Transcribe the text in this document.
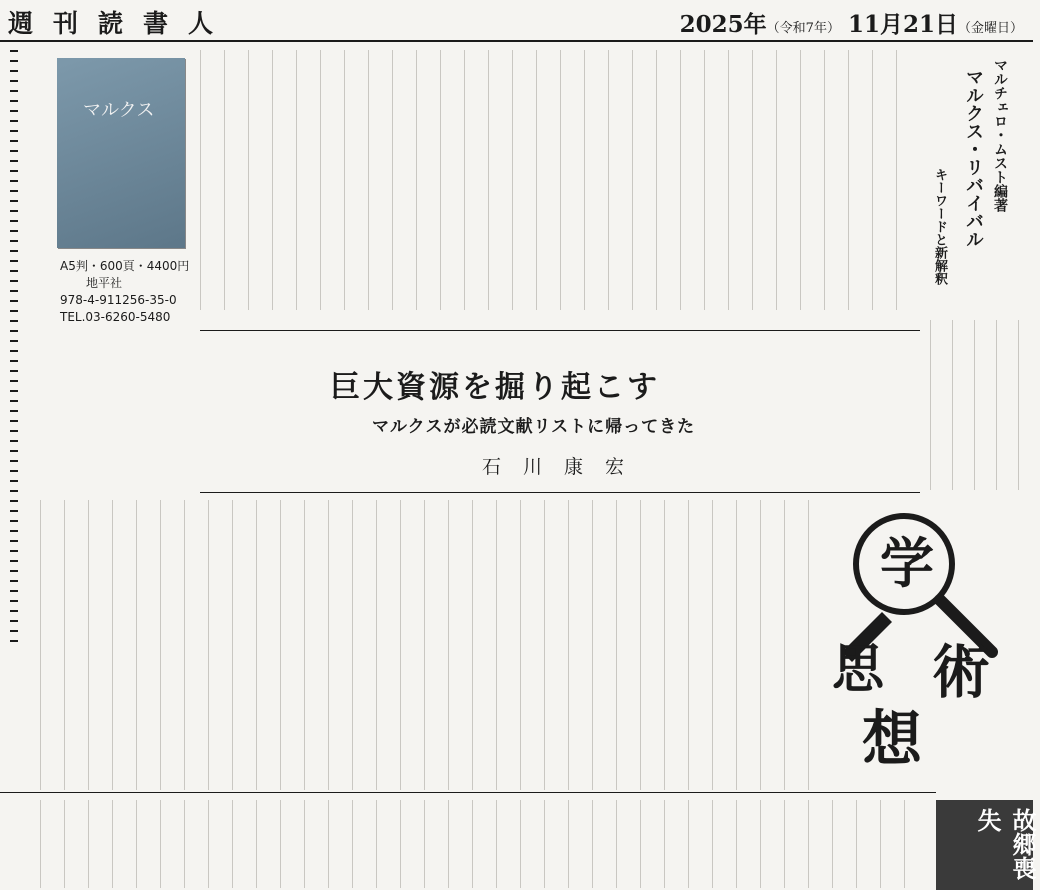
週刊読書人	2025年（令和7年） 11月21日（金曜日）
マルクス
A5判・600頁・4400円
地平社
978-4-911256-35-0
TEL.03-6260-5480
マルクス・リバイバル
キーワードと新解釈
マルチェロ・ムスト編著
巨大資源を掘り起こす
マルクスが必読文献リストに帰ってきた
石川康宏
学
術
思
想
故郷喪失
